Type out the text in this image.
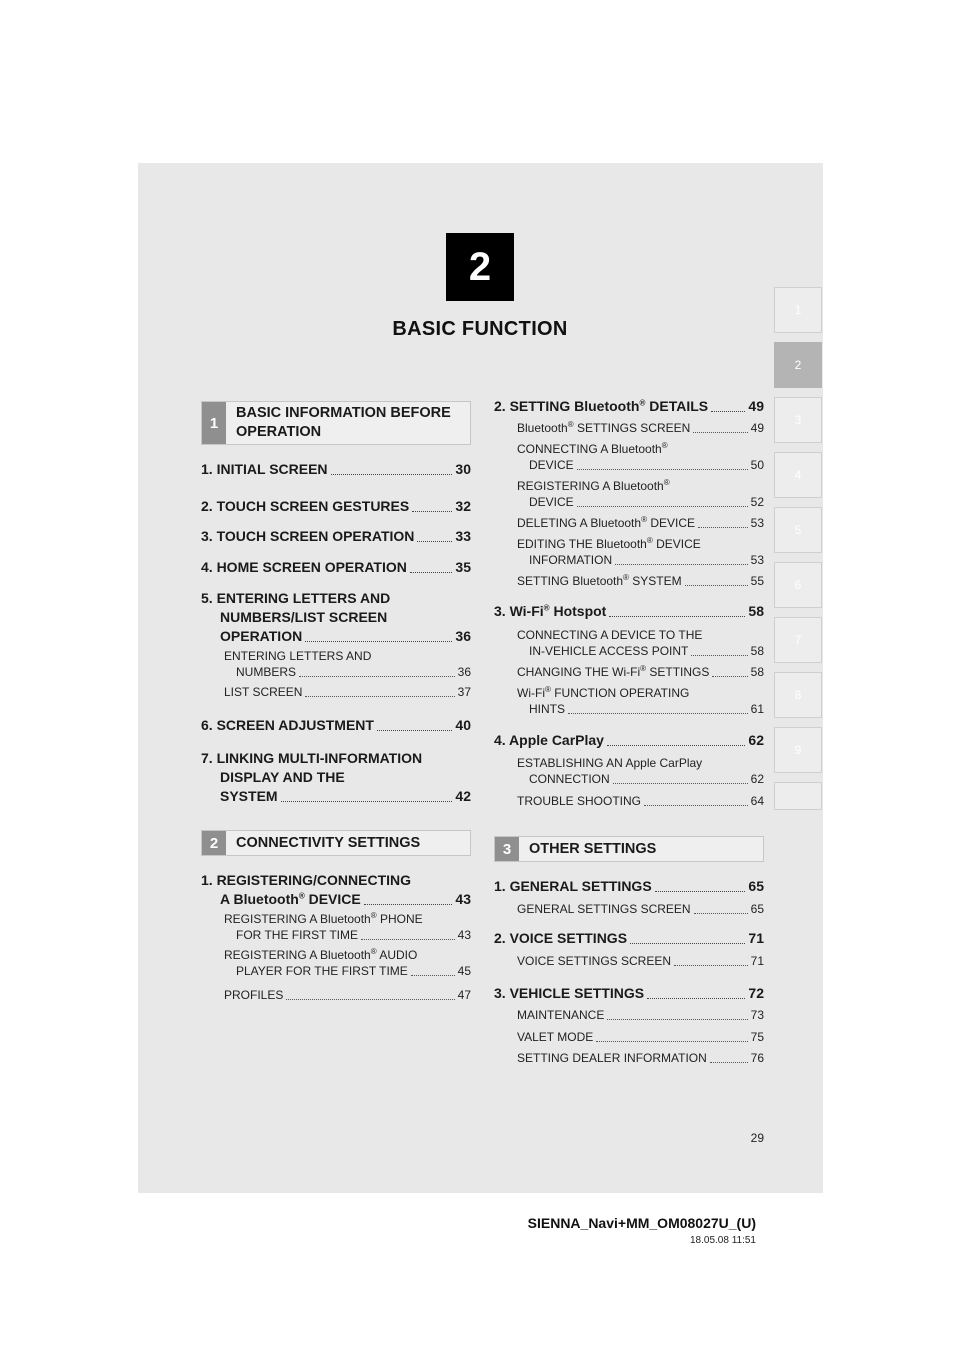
2
BASIC FUNCTION
1
2
3
4
5
6
7
8
9
1
BASIC INFORMATION BEFORE OPERATION
2	CONNECTIVITY SETTINGS	3	OTHER SETTINGS
1. INITIAL SCREEN	30
2. TOUCH SCREEN GESTURES	32
3. TOUCH SCREEN OPERATION	33
4. HOME SCREEN OPERATION	35
5. ENTERING LETTERS AND
NUMBERS/LIST SCREEN
OPERATION	36
ENTERING LETTERS AND
NUMBERS	36
LIST SCREEN	37
6. SCREEN ADJUSTMENT	40
7. LINKING MULTI-INFORMATION
DISPLAY AND THE
SYSTEM	42
1. REGISTERING/CONNECTING
A Bluetooth® DEVICE	43
REGISTERING A Bluetooth® PHONE
FOR THE FIRST TIME	43
REGISTERING A Bluetooth® AUDIO
PLAYER FOR THE FIRST TIME	45
PROFILES	47
2. SETTING Bluetooth® DETAILS	49
Bluetooth® SETTINGS SCREEN	49
CONNECTING A Bluetooth®
DEVICE	50
REGISTERING A Bluetooth®
DEVICE	52
DELETING A Bluetooth® DEVICE	53
EDITING THE Bluetooth® DEVICE
INFORMATION	53
SETTING Bluetooth® SYSTEM	55
3. Wi-Fi® Hotspot	58
CONNECTING A DEVICE TO THE
IN-VEHICLE ACCESS POINT	58
CHANGING THE Wi-Fi® SETTINGS	58
Wi-Fi® FUNCTION OPERATING
HINTS	61
4. Apple CarPlay	62
ESTABLISHING AN Apple CarPlay
CONNECTION	62
TROUBLE SHOOTING	64
1. GENERAL SETTINGS	65
GENERAL SETTINGS SCREEN	65
2. VOICE SETTINGS	71
VOICE SETTINGS SCREEN	71
3. VEHICLE SETTINGS	72
MAINTENANCE	73
VALET MODE	75
SETTING DEALER INFORMATION	76
29
SIENNA_Navi+MM_OM08027U_(U)
18.05.08 11:51
